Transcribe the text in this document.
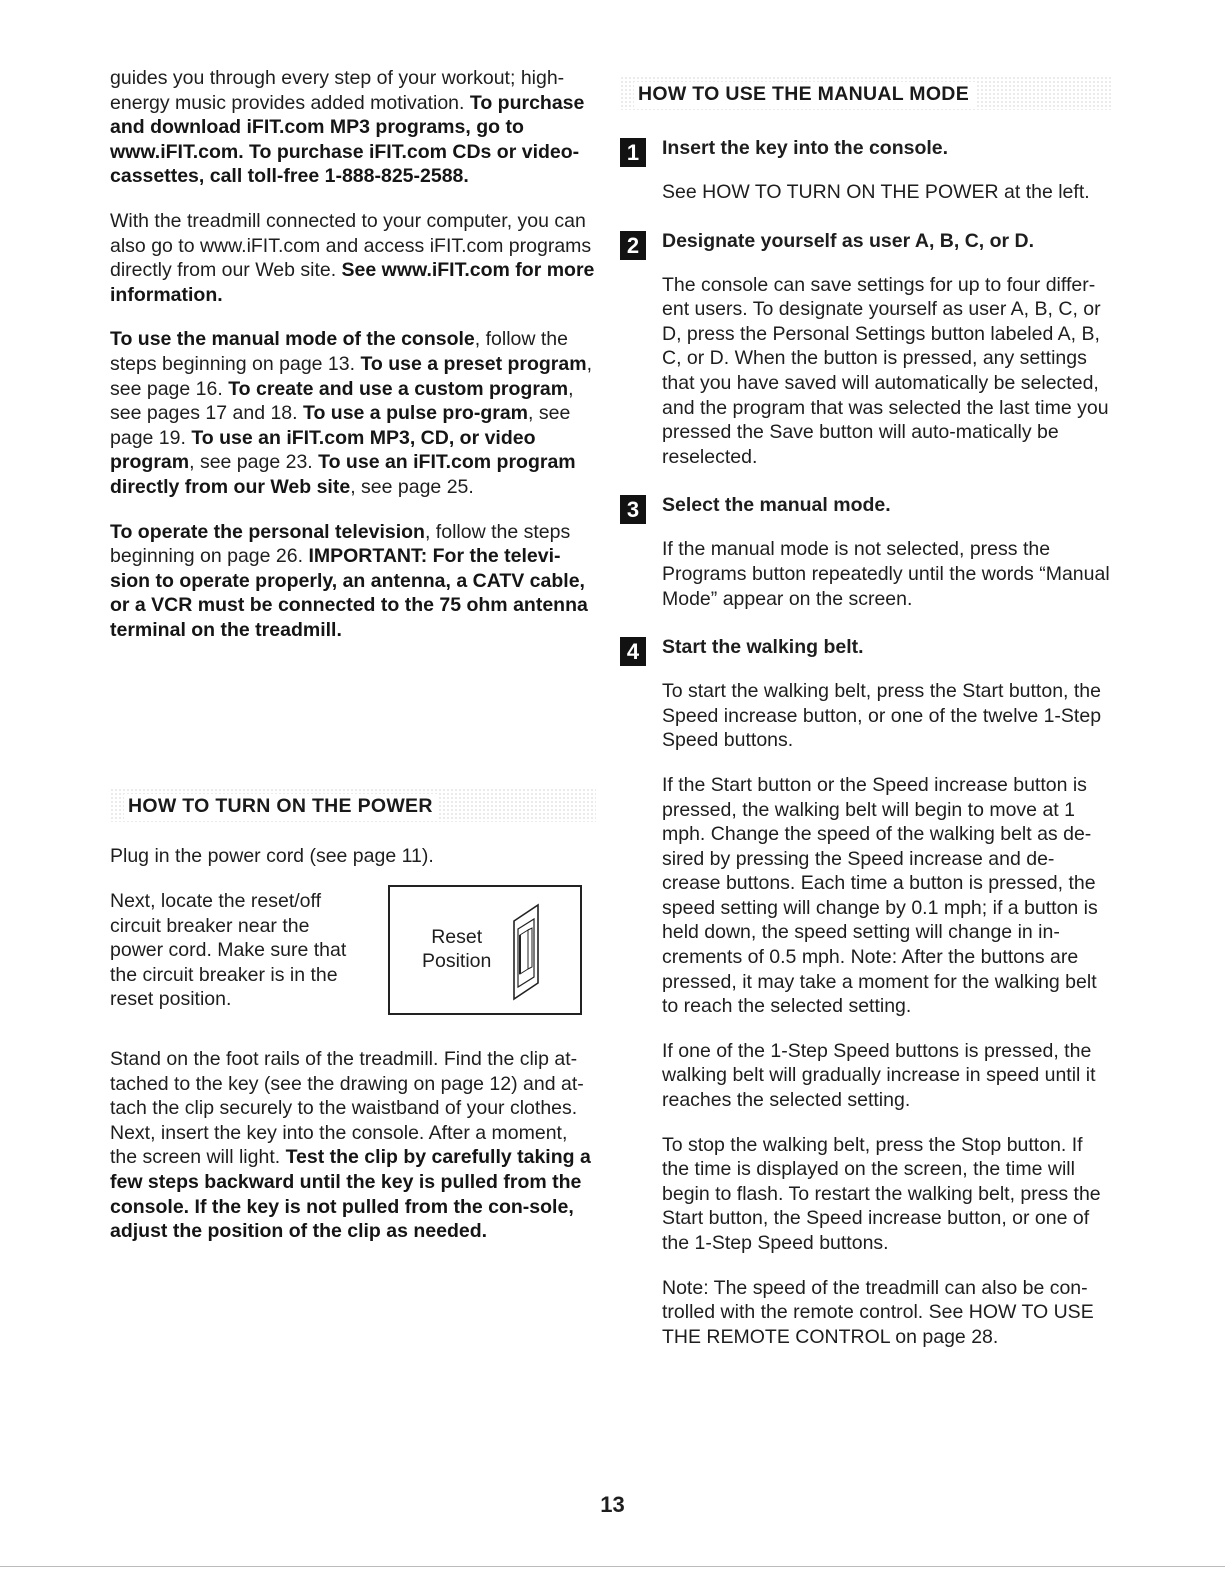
guides you through every step of your workout; high-energy music provides added motivation. To purchase and download iFIT.com MP3 programs, go to www.iFIT.com. To purchase iFIT.com CDs or video-cassettes, call toll-free 1-888-825-2588.

With the treadmill connected to your computer, you can also go to www.iFIT.com and access iFIT.com programs directly from our Web site. See www.iFIT.com for more information.

To use the manual mode of the console, follow the steps beginning on page 13. To use a preset program, see page 16. To create and use a custom program, see pages 17 and 18. To use a pulse pro-gram, see page 19. To use an iFIT.com MP3, CD, or video program, see page 23. To use an iFIT.com program directly from our Web site, see page 25.

To operate the personal television, follow the steps beginning on page 26. IMPORTANT: For the televi-sion to operate properly, an antenna, a CATV cable, or a VCR must be connected to the 75 ohm antenna terminal on the treadmill.

HOW TO TURN ON THE POWER

Plug in the power cord (see page 11).

Next, locate the reset/off circuit breaker near the power cord. Make sure that the circuit breaker is in the reset position.

Reset
Position

Stand on the foot rails of the treadmill. Find the clip at-tached to the key (see the drawing on page 12) and at-tach the clip securely to the waistband of your clothes. Next, insert the key into the console. After a moment, the screen will light. Test the clip by carefully taking a few steps backward until the key is pulled from the console. If the key is not pulled from the con-sole, adjust the position of the clip as needed.

HOW TO USE THE MANUAL MODE
1	Insert the key into the console.

See HOW TO TURN ON THE POWER at the left.

2	Designate yourself as user A, B, C, or D.

The console can save settings for up to four differ-ent users. To designate yourself as user A, B, C, or D, press the Personal Settings button labeled A, B, C, or D. When the button is pressed, any settings that you have saved will automatically be selected, and the program that was selected the last time you pressed the Save button will auto-matically be reselected.

3	Select the manual mode.

If the manual mode is not selected, press the Programs button repeatedly until the words “Manual Mode” appear on the screen.

4	Start the walking belt.

To start the walking belt, press the Start button, the Speed increase button, or one of the twelve 1-Step Speed buttons.

If the Start button or the Speed increase button is pressed, the walking belt will begin to move at 1 mph. Change the speed of the walking belt as de-sired by pressing the Speed increase and de-crease buttons. Each time a button is pressed, the speed setting will change by 0.1 mph; if a button is held down, the speed setting will change in in-crements of 0.5 mph. Note: After the buttons are pressed, it may take a moment for the walking belt to reach the selected setting.

If one of the 1-Step Speed buttons is pressed, the walking belt will gradually increase in speed until it reaches the selected setting.

To stop the walking belt, press the Stop button. If the time is displayed on the screen, the time will begin to flash. To restart the walking belt, press the Start button, the Speed increase button, or one of the 1-Step Speed buttons.

Note: The speed of the treadmill can also be con-trolled with the remote control. See HOW TO USE THE REMOTE CONTROL on page 28.

13
